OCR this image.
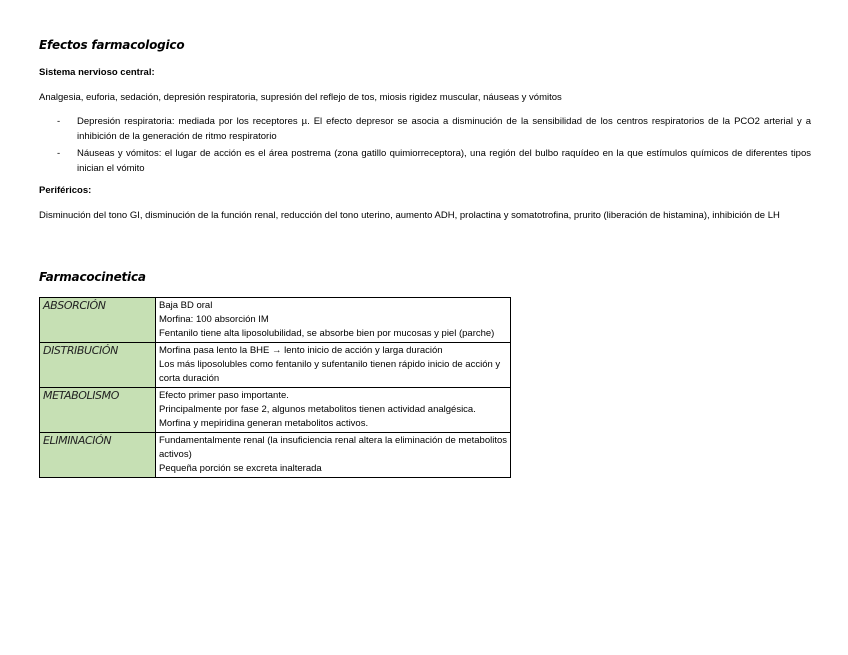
Efectos farmacologico
Sistema nervioso central:
Analgesia, euforia, sedación, depresión respiratoria, supresión del reflejo de tos, miosis rigidez muscular, náuseas y vómitos
- Depresión respiratoria: mediada por los receptores µ. El efecto depresor se asocia a disminución de la sensibilidad de los centros respiratorios de la PCO2 arterial y a inhibición de la generación de ritmo respiratorio
- Náuseas y vómitos: el lugar de acción es el área postrema (zona gatillo quimiorreceptora), una región del bulbo raquídeo en la que estímulos químicos de diferentes tipos inician el vómito
Periféricos:
Disminución del tono GI, disminución de la función renal, reducción del tono uterino, aumento ADH, prolactina y somatotrofina, prurito (liberación de histamina), inhibición de LH
Farmacocinetica
ABSORCIÓN	Baja BD oral
Morfina: 100 absorción IM
Fentanilo tiene alta liposolubilidad, se absorbe bien por mucosas y piel (parche)

DISTRIBUCIÓN	Morfina pasa lento la BHE → lento inicio de acción y larga duración
Los más liposolubles como fentanilo y sufentanilo tienen rápido inicio de acción y corta duración

METABOLISMO	Efecto primer paso importante.
Principalmente por fase 2, algunos metabolitos tienen actividad analgésica.
Morfina y mepiridina generan metabolitos activos.

ELIMINACIÓN	Fundamentalmente renal (la insuficiencia renal altera la eliminación de metabolitos activos)
Pequeña porción se excreta inalterada
